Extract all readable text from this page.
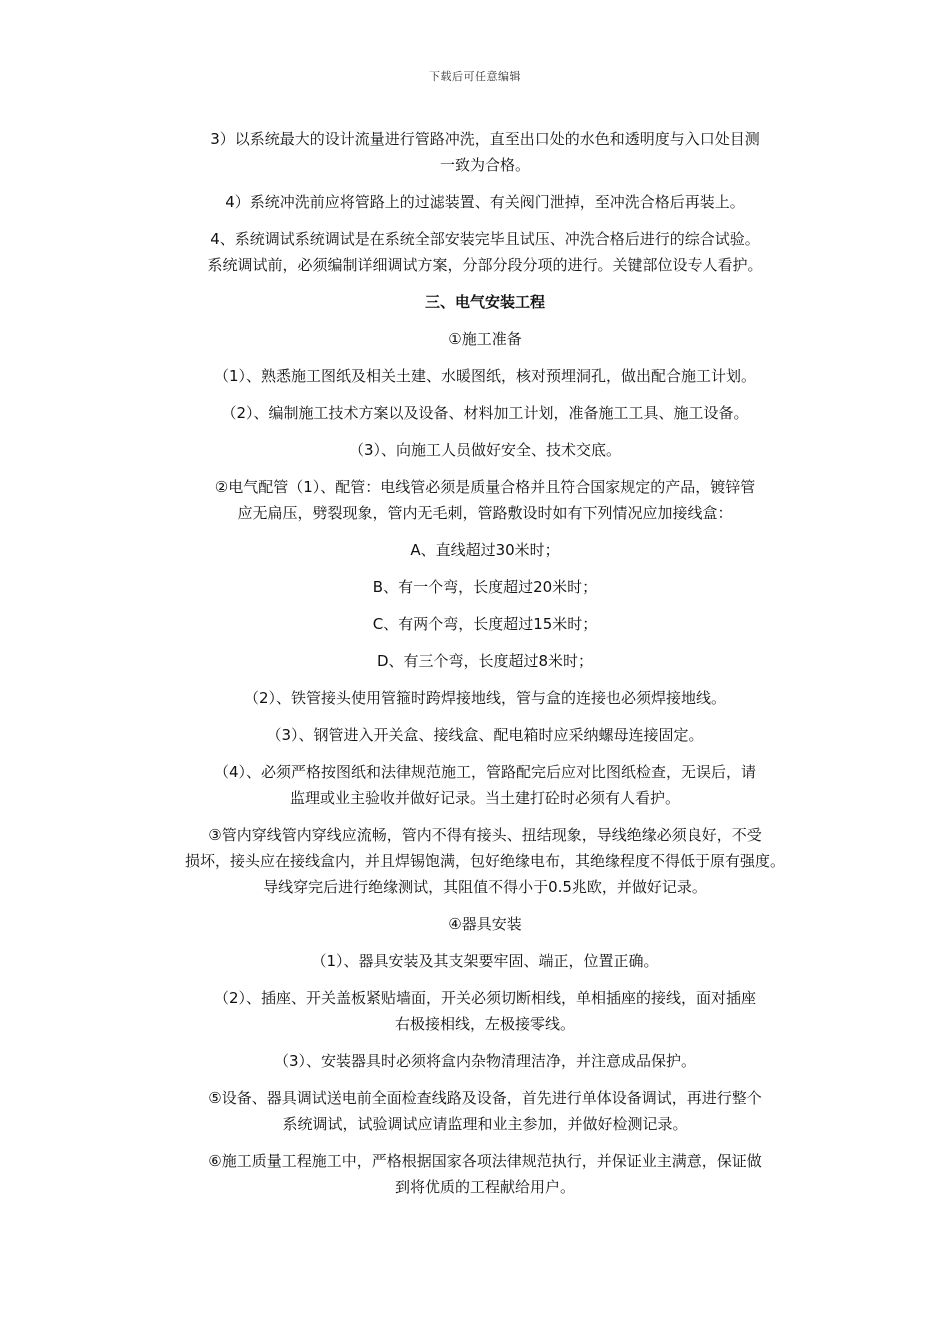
下载后可任意编辑

3）以系统最大的设计流量进行管路冲洗，直至出口处的水色和透明度与入口处目测
一致为合格。

4）系统冲洗前应将管路上的过滤装置、有关阀门泄掉，至冲洗合格后再装上。

4、系统调试系统调试是在系统全部安装完毕且试压、冲洗合格后进行的综合试验。
系统调试前，必须编制详细调试方案，分部分段分项的进行。关键部位设专人看护。

三、电气安装工程

①施工准备

（1）、熟悉施工图纸及相关土建、水暖图纸，核对预埋洞孔，做出配合施工计划。

（2）、编制施工技术方案以及设备、材料加工计划，准备施工工具、施工设备。

（3）、向施工人员做好安全、技术交底。

②电气配管（1）、配管：电线管必须是质量合格并且符合国家规定的产品，镀锌管
应无扁压，劈裂现象，管内无毛刺，管路敷设时如有下列情况应加接线盒：

A、直线超过30米时；

B、有一个弯，长度超过20米时；

C、有两个弯，长度超过15米时；

D、有三个弯，长度超过8米时；

（2）、铁管接头使用管箍时跨焊接地线，管与盒的连接也必须焊接地线。

（3）、钢管进入开关盒、接线盒、配电箱时应采纳螺母连接固定。

（4）、必须严格按图纸和法律规范施工，管路配完后应对比图纸检查，无误后，请
监理或业主验收并做好记录。当土建打砼时必须有人看护。

③管内穿线管内穿线应流畅，管内不得有接头、扭结现象，导线绝缘必须良好，不受
损坏，接头应在接线盒内，并且焊锡饱满，包好绝缘电布，其绝缘程度不得低于原有强度。
导线穿完后进行绝缘测试，其阻值不得小于0.5兆欧，并做好记录。

④器具安装

（1）、器具安装及其支架要牢固、端正，位置正确。

（2）、插座、开关盖板紧贴墙面，开关必须切断相线，单相插座的接线，面对插座
右极接相线，左极接零线。

（3）、安装器具时必须将盒内杂物清理洁净，并注意成品保护。

⑤设备、器具调试送电前全面检查线路及设备，首先进行单体设备调试，再进行整个
系统调试，试验调试应请监理和业主参加，并做好检测记录。

⑥施工质量工程施工中，严格根据国家各项法律规范执行，并保证业主满意，保证做
到将优质的工程献给用户。
